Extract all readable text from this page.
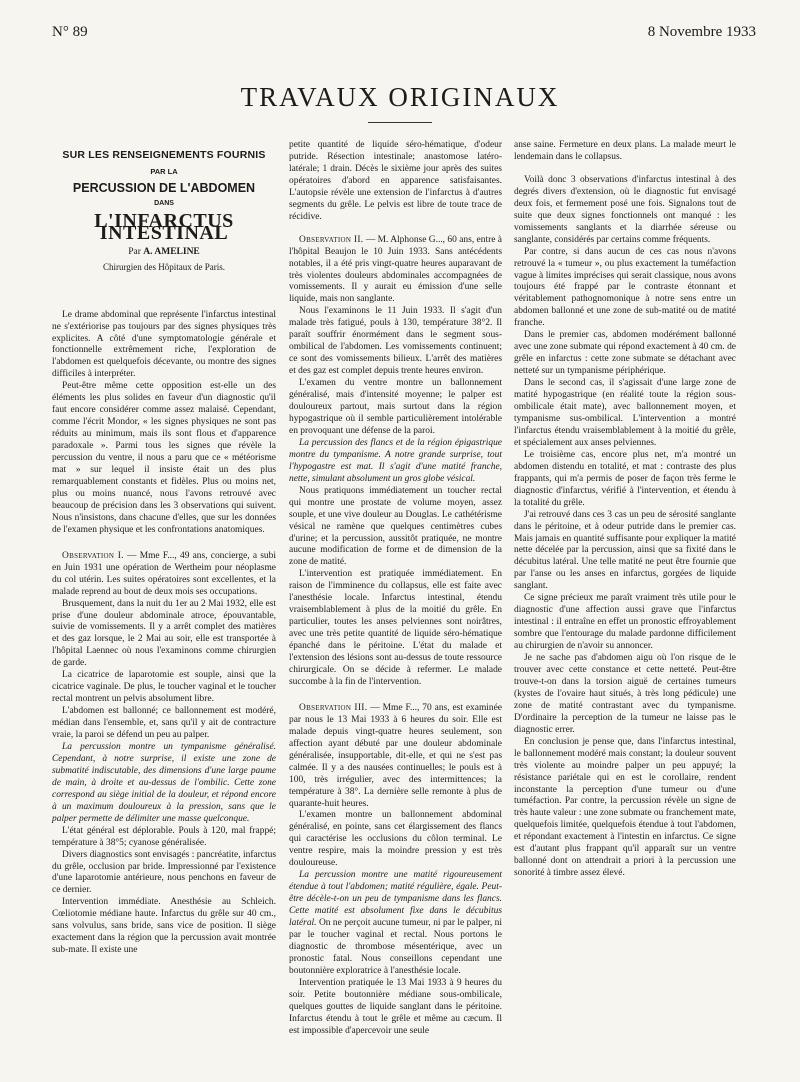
N° 89	8 Novembre 1933
TRAVAUX ORIGINAUX
SUR LES RENSEIGNEMENTS FOURNIS
PAR LA
PERCUSSION DE L'ABDOMEN
DANS
L'INFARCTUS INTESTINAL
Par A. AMELINE
Chirurgien des Hôpitaux de Paris.

Le drame abdominal que représente l'infarctus intestinal ne s'extériorise pas toujours par des signes physiques très explicites. A côté d'une symptomatologie générale et fonctionnelle extrêmement riche, l'exploration de l'abdomen est quelquefois décevante, ou montre des signes difficiles à interpréter.

Peut-être même cette opposition est-elle un des éléments les plus solides en faveur d'un diagnostic qu'il faut encore considérer comme assez malaisé. Cependant, comme l'écrit Mondor, « les signes physiques ne sont pas réduits au minimum, mais ils sont flous et d'apparence paradoxale ». Parmi tous les signes que révèle la percussion du ventre, il nous a paru que ce « météorisme mat » sur lequel il insiste était un des plus remarquablement constants et fidèles. Plus ou moins net, plus ou moins nuancé, nous l'avons retrouvé avec beaucoup de précision dans les 3 observations qui suivent. Nous n'insistons, dans chacune d'elles, que sur les données de l'examen physique et les confrontations anatomiques.

Observation I. — Mme F..., 49 ans, concierge, a subi en Juin 1931 une opération de Wertheim pour néoplasme du col utérin. Les suites opératoires sont excellentes, et la malade reprend au bout de deux mois ses occupations.

Brusquement, dans la nuit du 1er au 2 Mai 1932, elle est prise d'une douleur abdominale atroce, épouvantable, suivie de vomissements. Il y a arrêt complet des matières et des gaz lorsque, le 2 Mai au soir, elle est transportée à l'hôpital Laennec où nous l'examinons comme chirurgien de garde.

La cicatrice de laparotomie est souple, ainsi que la cicatrice vaginale. De plus, le toucher vaginal et le toucher rectal montrent un pelvis absolument libre.

L'abdomen est ballonné; ce ballonnement est modéré, médian dans l'ensemble, et, sans qu'il y ait de contracture vraie, la paroi se défend un peu au palper.

La percussion montre un tympanisme généralisé. Cependant, à notre surprise, il existe une zone de submatité indiscutable, des dimensions d'une large paume de main, à droite et au-dessus de l'ombilic. Cette zone correspond au siège initial de la douleur, et répond encore à un maximum douloureux à la pression, sans que le palper permette de délimiter une masse quelconque.

L'état général est déplorable. Pouls à 120, mal frappé; température à 38°5; cyanose généralisée.

Divers diagnostics sont envisagés : pancréatite, infarctus du grêle, occlusion par bride. Impressionné par l'existence d'une laparotomie antérieure, nous penchons en faveur de ce dernier.

Intervention immédiate. Anesthésie au Schleich. Cœliotomie médiane haute. Infarctus du grêle sur 40 cm., sans volvulus, sans bride, sans vice de position. Il siège exactement dans la région que la percussion avait montrée sub-mate. Il existe une

petite quantité de liquide séro-hématique, d'odeur putride. Résection intestinale; anastomose latéro-latérale; 1 drain. Décès le sixième jour après des suites opératoires d'abord en apparence satisfaisantes. L'autopsie révèle une extension de l'infarctus à d'autres segments du grêle. Le pelvis est libre de toute trace de récidive.

Observation II. — M. Alphonse G..., 60 ans, entre à l'hôpital Beaujon le 10 Juin 1933. Sans antécédents notables, il a été pris vingt-quatre heures auparavant de très violentes douleurs abdominales accompagnées de vomissements. Il y aurait eu émission d'une selle liquide, mais non sanglante.

Nous l'examinons le 11 Juin 1933. Il s'agit d'un malade très fatigué, pouls à 130, température 38°2. Il paraît souffrir énormément dans le segment sous-ombilical de l'abdomen. Les vomissements continuent; ce sont des vomissements bilieux. L'arrêt des matières et des gaz est complet depuis trente heures environ.

L'examen du ventre montre un ballonnement généralisé, mais d'intensité moyenne; le palper est douloureux partout, mais surtout dans la région hypogastrique où il semble particulièrement intolérable en provoquant une défense de la paroi.

La percussion des flancs et de la région épigastrique montre du tympanisme. A notre grande surprise, tout l'hypogastre est mat. Il s'agit d'une matité franche, nette, simulant absolument un gros globe vésical.

Nous pratiquons immédiatement un toucher rectal qui montre une prostate de volume moyen, assez souple, et une vive douleur au Douglas. Le cathétérisme vésical ne ramène que quelques centimètres cubes d'urine; et la percussion, aussitôt pratiquée, ne montre aucune modification de forme et de dimension de la zone de matité.

L'intervention est pratiquée immédiatement. En raison de l'imminence du collapsus, elle est faite avec l'anesthésie locale. Infarctus intestinal, étendu vraisemblablement à plus de la moitié du grêle. En particulier, toutes les anses pelviennes sont noirâtres, avec une très petite quantité de liquide séro-hématique épanché dans le péritoine. L'état du malade et l'extension des lésions sont au-dessus de toute ressource chirurgicale. On se décide à refermer. Le malade succombe à la fin de l'intervention.

Observation III. — Mme F..., 70 ans, est examinée par nous le 13 Mai 1933 à 6 heures du soir. Elle est malade depuis vingt-quatre heures seulement, son affection ayant débuté par une douleur abdominale généralisée, insupportable, dit-elle, et qui ne s'est pas calmée. Il y a des nausées continuelles; le pouls est à 100, très irrégulier, avec des intermittences; la température à 38°. La dernière selle remonte à plus de quarante-huit heures.

L'examen montre un ballonnement abdominal généralisé, en pointe, sans cet élargissement des flancs qui caractérise les occlusions du côlon terminal. Le ventre respire, mais la moindre pression y est très douloureuse.

La percussion montre une matité rigoureusement étendue à tout l'abdomen; matité régulière, égale. Peut-être décèle-t-on un peu de tympanisme dans les flancs. Cette matité est absolument fixe dans le décubitus latéral. On ne perçoit aucune tumeur, ni par le palper, ni par le toucher vaginal et rectal. Nous portons le diagnostic de thrombose mésentérique, avec un pronostic fatal. Nous conseillons cependant une boutonnière exploratrice à l'anesthésie locale.

Intervention pratiquée le 13 Mai 1933 à 9 heures du soir. Petite boutonnière médiane sous-ombilicale, quelques gouttes de liquide sanglant dans le péritoine. Infarctus étendu à tout le grêle et même au cæcum. Il est impossible d'apercevoir une seule

anse saine. Fermeture en deux plans. La malade meurt le lendemain dans le collapsus.

Voilà donc 3 observations d'infarctus intestinal à des degrés divers d'extension, où le diagnostic fut envisagé deux fois, et fermement posé une fois. Signalons tout de suite que deux signes fonctionnels ont manqué : les vomissements sanglants et la diarrhée séreuse ou sanglante, considérés par certains comme fréquents.

Par contre, si dans aucun de ces cas nous n'avons retrouvé la « tumeur », ou plus exactement la tuméfaction vague à limites imprécises qui serait classique, nous avons toujours été frappé par le contraste étonnant et véritablement pathognomonique à notre sens entre un abdomen ballonné et une zone de sub-matité ou de matité franche.

Dans le premier cas, abdomen modérément ballonné avec une zone submate qui répond exactement à 40 cm. de grêle en infarctus : cette zone submate se détachant avec netteté sur un tympanisme périphérique.

Dans le second cas, il s'agissait d'une large zone de matité hypogastrique (en réalité toute la région sous-ombilicale était mate), avec ballonnement moyen, et tympanisme sus-ombilical. L'intervention a montré l'infarctus étendu vraisemblablement à la moitié du grêle, et spécialement aux anses pelviennes.

Le troisième cas, encore plus net, m'a montré un abdomen distendu en totalité, et mat : contraste des plus frappants, qui m'a permis de poser de façon très ferme le diagnostic d'infarctus, vérifié à l'intervention, et étendu à la totalité du grêle.

J'ai retrouvé dans ces 3 cas un peu de sérosité sanglante dans le péritoine, et à odeur putride dans le premier cas. Mais jamais en quantité suffisante pour expliquer la matité nette décelée par la percussion, ainsi que sa fixité dans le décubitus latéral. Une telle matité ne peut être fournie que par l'anse ou les anses en infarctus, gorgées de liquide sanglant.

Ce signe précieux me paraît vraiment très utile pour le diagnostic d'une affection aussi grave que l'infarctus intestinal : il entraîne en effet un pronostic effroyablement sombre que l'entourage du malade pardonne difficilement au chirurgien de n'avoir su annoncer.

Je ne sache pas d'abdomen aigu où l'on risque de le trouver avec cette constance et cette netteté. Peut-être trouve-t-on dans la torsion aiguë de certaines tumeurs (kystes de l'ovaire haut situés, à très long pédicule) une zone de matité contrastant avec du tympanisme. D'ordinaire la perception de la tumeur ne laisse pas le diagnostic errer.

En conclusion je pense que, dans l'infarctus intestinal, le ballonnement modéré mais constant; la douleur souvent très violente au moindre palper un peu appuyé; la résistance pariétale qui en est le corollaire, rendent inconstante la perception d'une tumeur ou d'une tuméfaction. Par contre, la percussion révèle un signe de très haute valeur : une zone submate ou franchement mate, quelquefois limitée, quelquefois étendue à tout l'abdomen, et répondant exactement à l'intestin en infarctus. Ce signe est d'autant plus frappant qu'il apparaît sur un ventre ballonné dont on attendrait a priori à la percussion une sonorité à timbre assez élevé.
